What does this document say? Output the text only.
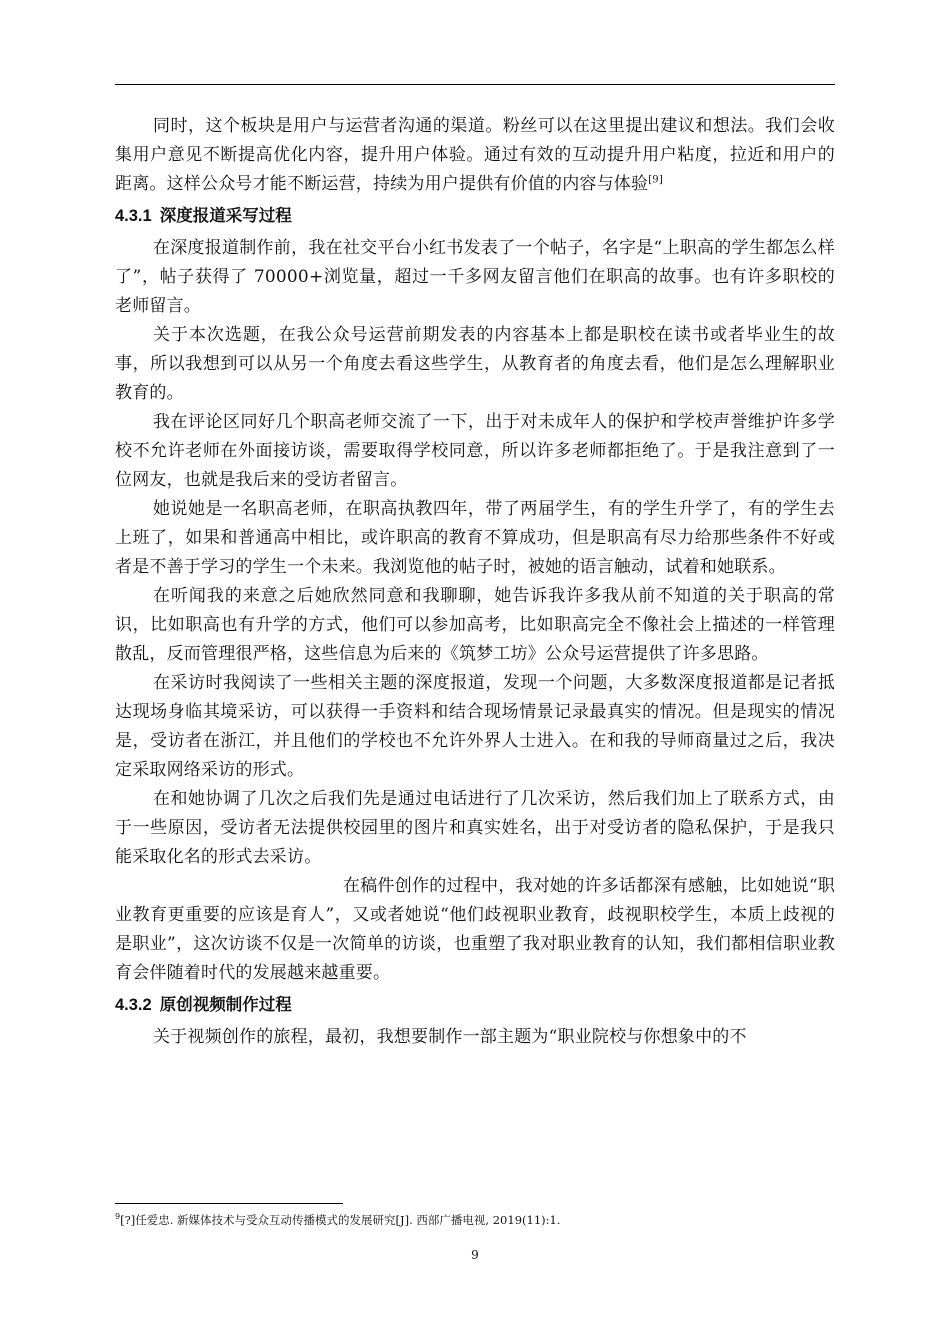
同时，这个板块是用户与运营者沟通的渠道。粉丝可以在这里提出建议和想法。我们会收集用户意见不断提高优化内容，提升用户体验。通过有效的互动提升用户粘度，拉近和用户的距离。这样公众号才能不断运营，持续为用户提供有价值的内容与体验[9]

4.3.1 深度报道采写过程

在深度报道制作前，我在社交平台小红书发表了一个帖子，名字是“上职高的学生都怎么样了”，帖子获得了 70000+浏览量，超过一千多网友留言他们在职高的故事。也有许多职校的老师留言。

关于本次选题，在我公众号运营前期发表的内容基本上都是职校在读书或者毕业生的故事，所以我想到可以从另一个角度去看这些学生，从教育者的角度去看，他们是怎么理解职业教育的。

我在评论区同好几个职高老师交流了一下，出于对未成年人的保护和学校声誉维护许多学校不允许老师在外面接访谈，需要取得学校同意，所以许多老师都拒绝了。于是我注意到了一位网友，也就是我后来的受访者留言。

她说她是一名职高老师，在职高执教四年，带了两届学生，有的学生升学了，有的学生去上班了，如果和普通高中相比，或许职高的教育不算成功，但是职高有尽力给那些条件不好或者是不善于学习的学生一个未来。我浏览他的帖子时，被她的语言触动，试着和她联系。

在听闻我的来意之后她欣然同意和我聊聊，她告诉我许多我从前不知道的关于职高的常识，比如职高也有升学的方式，他们可以参加高考，比如职高完全不像社会上描述的一样管理散乱，反而管理很严格，这些信息为后来的《筑梦工坊》公众号运营提供了许多思路。

在采访时我阅读了一些相关主题的深度报道，发现一个问题，大多数深度报道都是记者抵达现场身临其境采访，可以获得一手资料和结合现场情景记录最真实的情况。但是现实的情况是，受访者在浙江，并且他们的学校也不允许外界人士进入。在和我的导师商量过之后，我决定采取网络采访的形式。

在和她协调了几次之后我们先是通过电话进行了几次采访，然后我们加上了联系方式，由于一些原因，受访者无法提供校园里的图片和真实姓名，出于对受访者的隐私保护，于是我只能采取化名的形式去采访。

在稿件创作的过程中，我对她的许多话都深有感触，比如她说“职业教育更重要的应该是育人”，又或者她说“他们歧视职业教育，歧视职校学生，本质上歧视的是职业”，这次访谈不仅是一次简单的访谈，也重塑了我对职业教育的认知，我们都相信职业教育会伴随着时代的发展越来越重要。

4.3.2 原创视频制作过程

关于视频创作的旅程，最初，我想要制作一部主题为“职业院校与你想象中的不

$^9$[?]任爱忠. 新媒体技术与受众互动传播模式的发展研究[J]. 西部广播电视, 2019(11):1.
9
